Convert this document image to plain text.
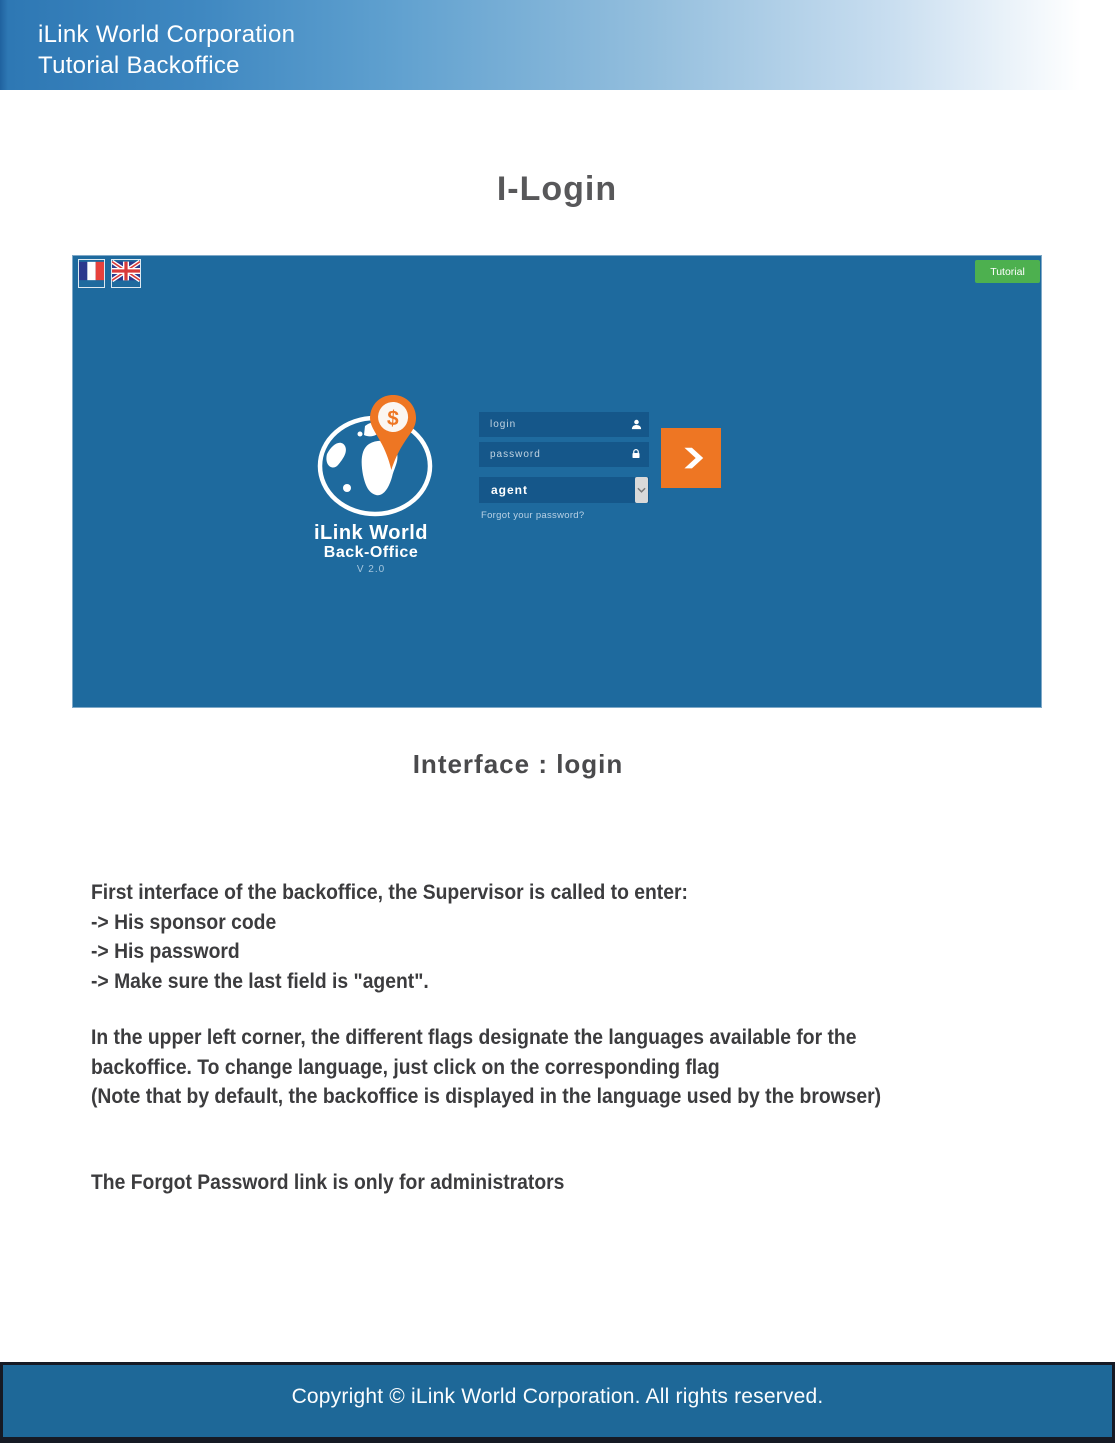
iLink World Corporation
Tutorial Backoffice
I-Login
Tutorial
$
iLink World
Back-Office
V 2.0
login
agent
Forgot your password?
Interface : login
First interface of the backoffice, the Supervisor is called to enter:
-> His sponsor code
-> His password
-> Make sure the last field is "agent".
In the upper left corner, the different flags designate the languages available for the
backoffice. To change language, just click on the corresponding flag
(Note that by default, the backoffice is displayed in the language used by the browser)
The Forgot Password link is only for administrators
Copyright © iLink World Corporation. All rights reserved.
